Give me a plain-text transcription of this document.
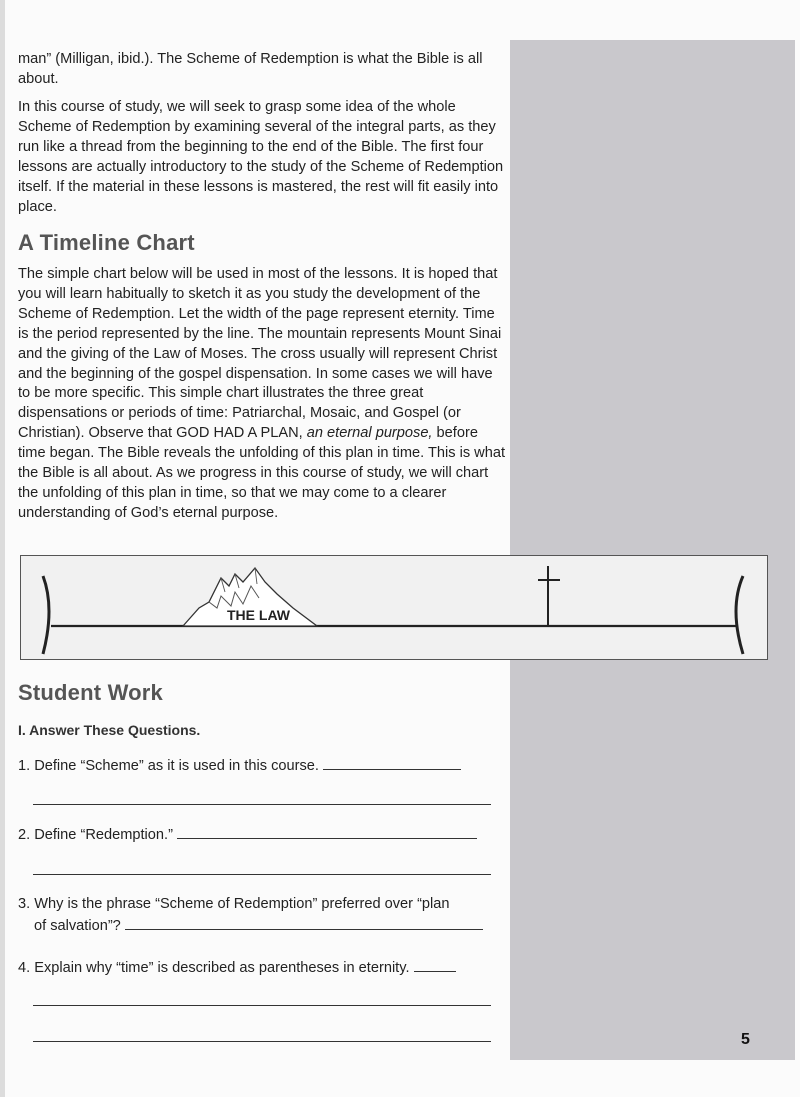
man” (Milligan, ibid.). The Scheme of Redemption is what the Bible is all about.

In this course of study, we will seek to grasp some idea of the whole Scheme of Redemption by examining several of the integral parts, as they run like a thread from the beginning to the end of the Bible. The first four lessons are actually introductory to the study of the Scheme of Redemption itself. If the material in these lessons is mastered, the rest will fit easily into place.

A Timeline Chart

The simple chart below will be used in most of the lessons. It is hoped that you will learn habitually to sketch it as you study the development of the Scheme of Redemption. Let the width of the page represent eternity. Time is the period represented by the line. The mountain represents Mount Sinai and the giving of the Law of Moses. The cross usually will represent Christ and the beginning of the gospel dispensation. In some cases we will have to be more specific. This simple chart illustrates the three great dispensations or periods of time: Patriarchal, Mosaic, and Gospel (or Christian). Observe that GOD HAD A PLAN, an eternal purpose, before time began. The Bible reveals the unfolding of this plan in time. This is what the Bible is all about. As we progress in this course of study, we will chart the unfolding of this plan in time, so that we may come to a clearer understanding of God’s eternal purpose.

THE LAW
Student Work
I. Answer These Questions.
1. Define “Scheme” as it is used in this course.
2. Define “Redemption.”
3. Why is the phrase “Scheme of Redemption” preferred over “plan
of salvation”?
4. Explain why “time” is described as parentheses in eternity.
5
